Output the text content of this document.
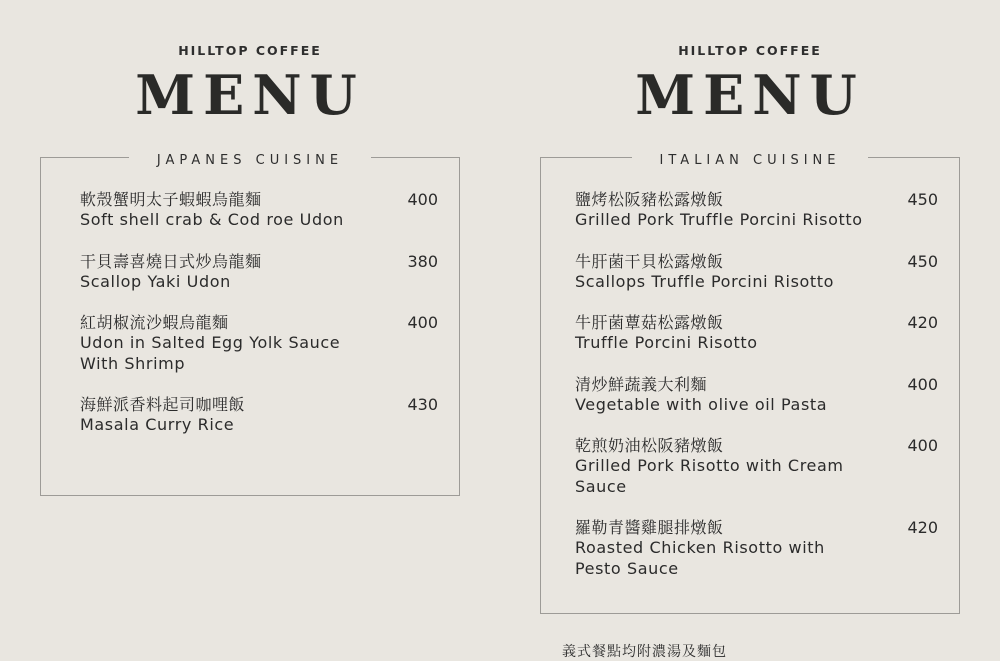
HILLTOP COFFEE
MENU
JAPANES CUISINE
軟殼蟹明太子蝦蝦烏龍麵
Soft shell crab & Cod roe Udon
400
干貝壽喜燒日式炒烏龍麵
Scallop Yaki Udon
380
紅胡椒流沙蝦烏龍麵
Udon in Salted Egg Yolk Sauce With Shrimp
400
海鮮派香料起司咖哩飯
Masala Curry Rice
430
HILLTOP COFFEE
MENU
ITALIAN CUISINE
鹽烤松阪豬松露燉飯
Grilled Pork Truffle Porcini Risotto
450
牛肝菌干貝松露燉飯
Scallops Truffle Porcini Risotto
450
牛肝菌蕈菇松露燉飯
Truffle Porcini Risotto
420
清炒鮮蔬義大利麵
Vegetable with olive oil Pasta
400
乾煎奶油松阪豬燉飯
Grilled Pork Risotto with Cream Sauce
400
羅勒青醬雞腿排燉飯
Roasted Chicken Risotto with Pesto Sauce
420
義式餐點均附濃湯及麵包
